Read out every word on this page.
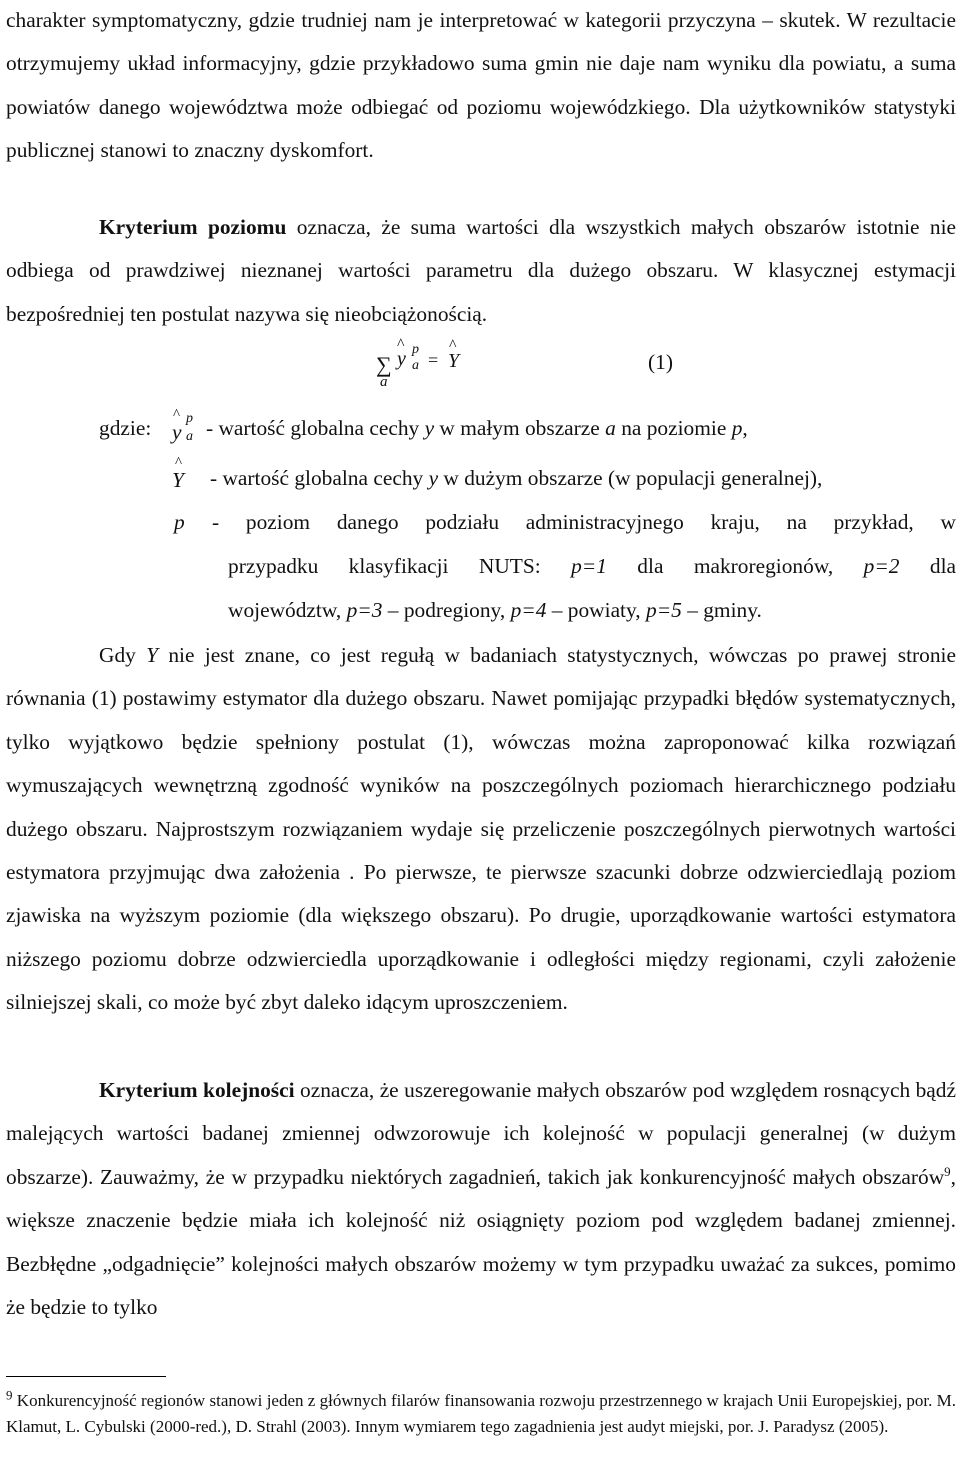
charakter symptomatyczny, gdzie trudniej nam je interpretować w kategorii przyczyna – skutek. W rezultacie otrzymujemy układ informacyjny, gdzie przykładowo suma gmin nie daje nam wyniku dla powiatu, a suma powiatów danego województwa może odbiegać od poziomu wojewódzkiego. Dla użytkowników statystyki publicznej stanowi to znaczny dyskomfort.
Kryterium poziomu oznacza, że suma wartości dla wszystkich małych obszarów istotnie nie odbiega od prawdziwej nieznanej wartości parametru dla dużego obszaru. W klasycznej estymacji bezpośredniej ten postulat nazywa się nieobciążonością.
∑
a
^
y p
a =
^
Y	(1)
gdzie:
^
y
p
a - wartość globalna cechy y w małym obszarze a na poziomie p,
^
Y - wartość globalna cechy y w dużym obszarze (w populacji generalnej),
p - poziom danego podziału administracyjnego kraju, na przykład, w
przypadku klasyfikacji NUTS: p=1 dla makroregionów, p=2 dla
województw, p=3 – podregiony, p=4 – powiaty, p=5 – gminy.
Gdy Y nie jest znane, co jest regułą w badaniach statystycznych, wówczas po prawej stronie równania (1) postawimy estymator dla dużego obszaru. Nawet pomijając przypadki błędów systematycznych, tylko wyjątkowo będzie spełniony postulat (1), wówczas można zaproponować kilka rozwiązań wymuszających wewnętrzną zgodność wyników na poszczególnych poziomach hierarchicznego podziału dużego obszaru. Najprostszym rozwiązaniem wydaje się przeliczenie poszczególnych pierwotnych wartości estymatora przyjmując dwa założenia . Po pierwsze, te pierwsze szacunki dobrze odzwierciedlają poziom zjawiska na wyższym poziomie (dla większego obszaru). Po drugie, uporządkowanie wartości estymatora niższego poziomu dobrze odzwierciedla uporządkowanie i odległości między regionami, czyli założenie silniejszej skali, co może być zbyt daleko idącym uproszczeniem.
Kryterium kolejności oznacza, że uszeregowanie małych obszarów pod względem rosnących bądź malejących wartości badanej zmiennej odwzorowuje ich kolejność w populacji generalnej (w dużym obszarze). Zauważmy, że w przypadku niektórych zagadnień, takich jak konkurencyjność małych obszarów$^9$, większe znaczenie będzie miała ich kolejność niż osiągnięty poziom pod względem badanej zmiennej. Bezbłędne „odgadnięcie” kolejności małych obszarów możemy w tym przypadku uważać za sukces, pomimo że będzie to tylko
$^9$ Konkurencyjność regionów stanowi jeden z głównych filarów finansowania rozwoju przestrzennego w krajach Unii Europejskiej, por. M. Klamut, L. Cybulski (2000-red.), D. Strahl (2003). Innym wymiarem tego zagadnienia jest audyt miejski, por. J. Paradysz (2005).
